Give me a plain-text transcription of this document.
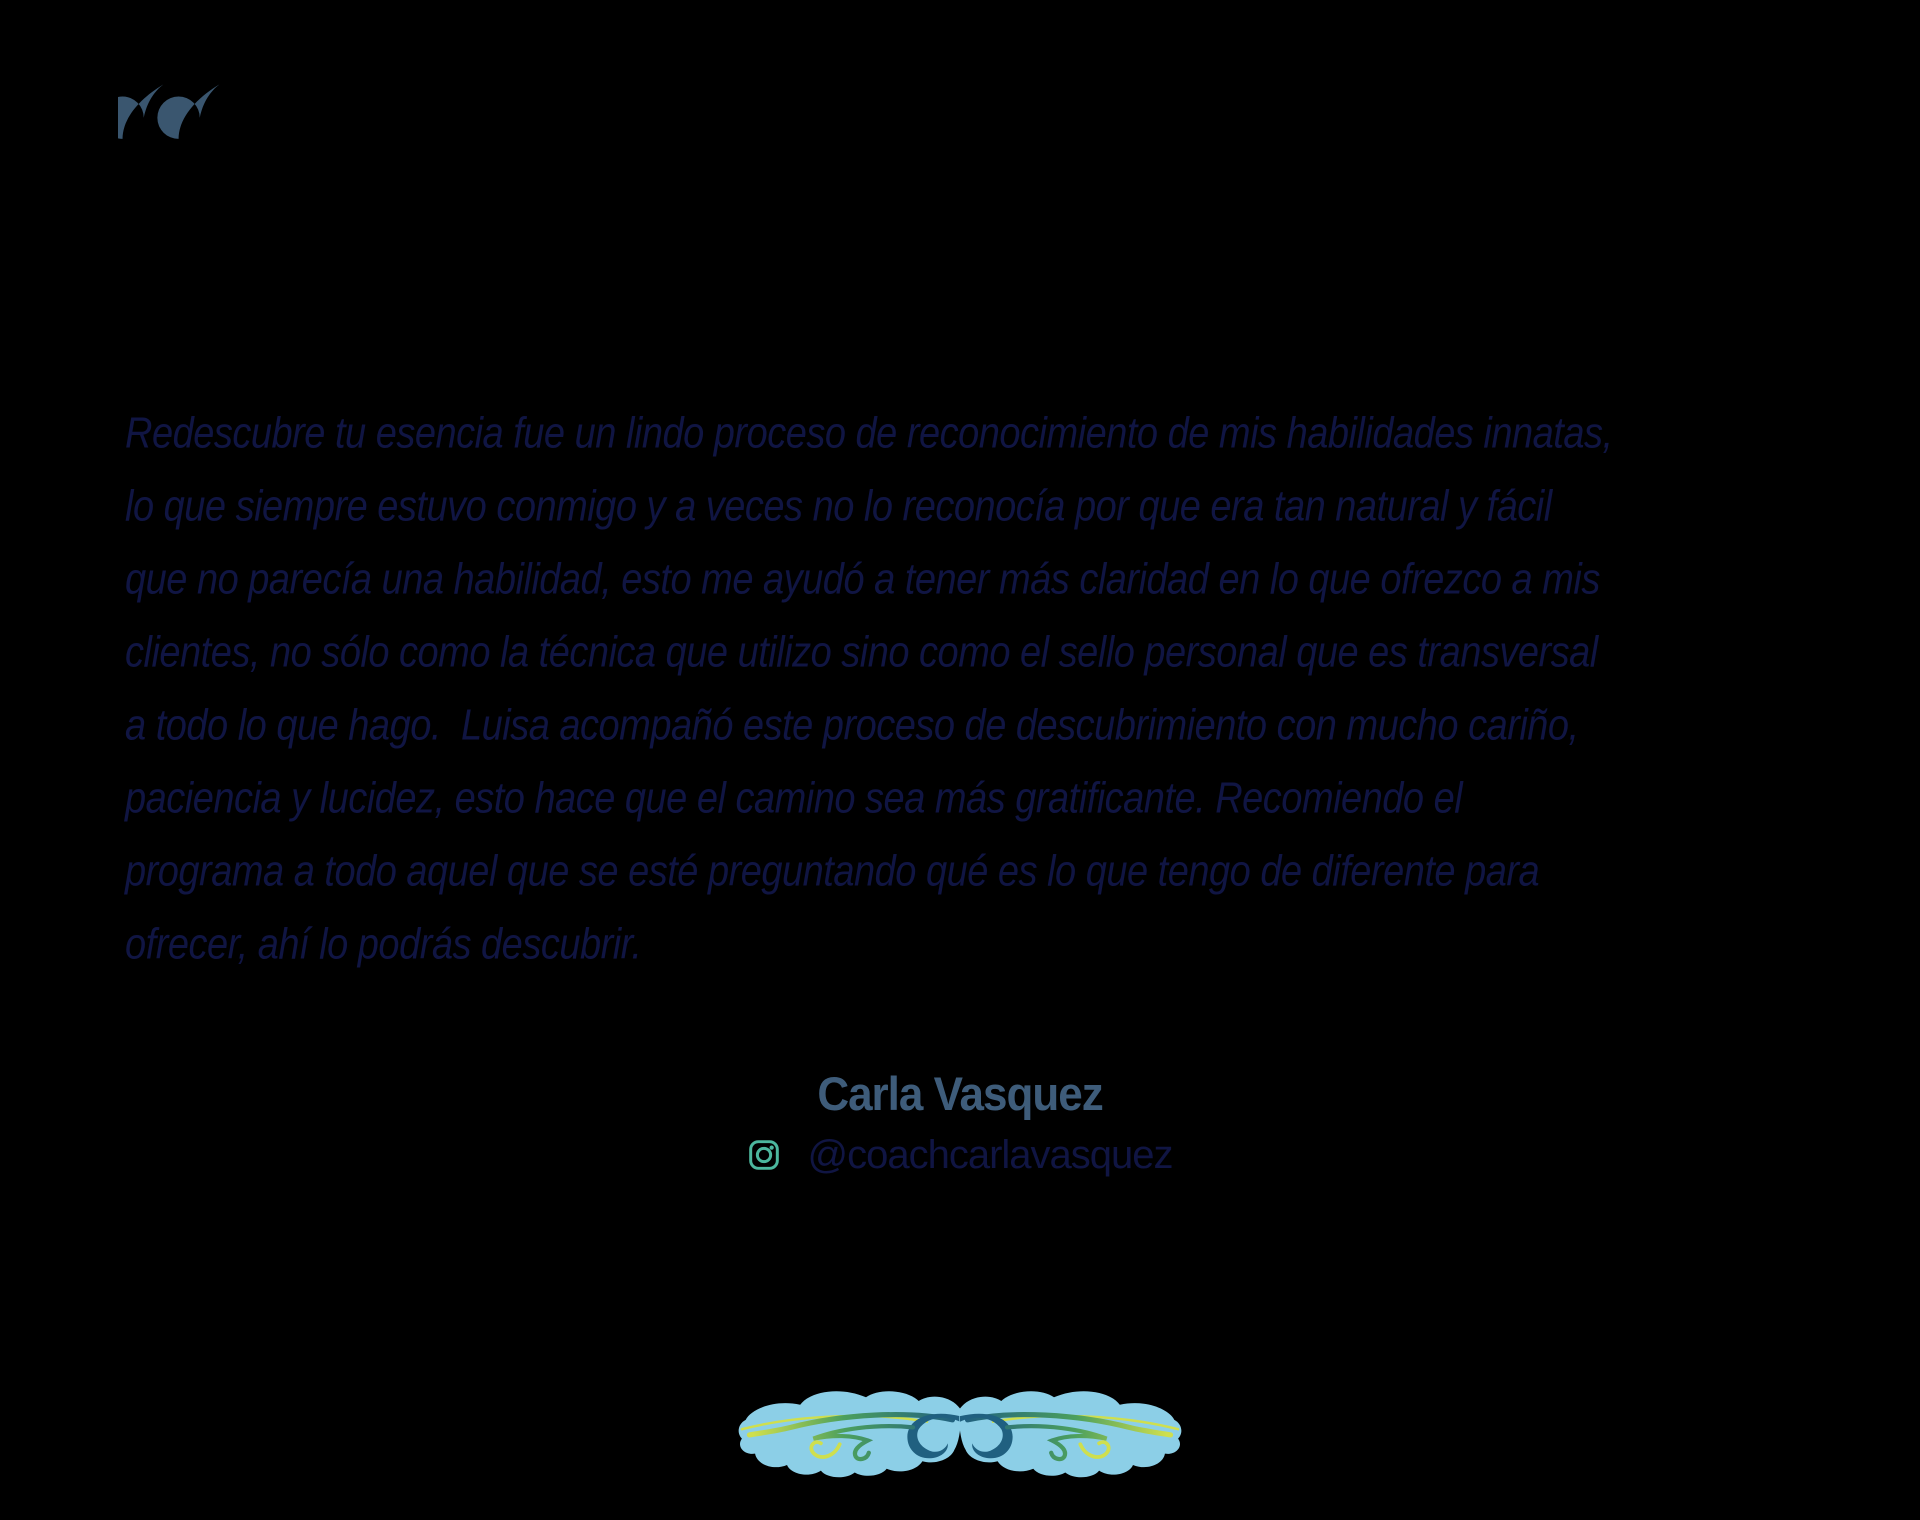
Redescubre tu esencia fue un lindo proceso de reconocimiento de mis habilidades innatas,
lo que siempre estuvo conmigo y a veces no lo reconocía por que era tan natural y fácil
que no parecía una habilidad, esto me ayudó a tener más claridad en lo que ofrezco a mis
clientes, no sólo como la técnica que utilizo sino como el sello personal que es transversal
a todo lo que hago.  Luisa acompañó este proceso de descubrimiento con mucho cariño,
paciencia y lucidez, esto hace que el camino sea más gratificante. Recomiendo el
programa a todo aquel que se esté preguntando qué es lo que tengo de diferente para
ofrecer, ahí lo podrás descubrir.
Carla Vasquez
@coachcarlavasquez
